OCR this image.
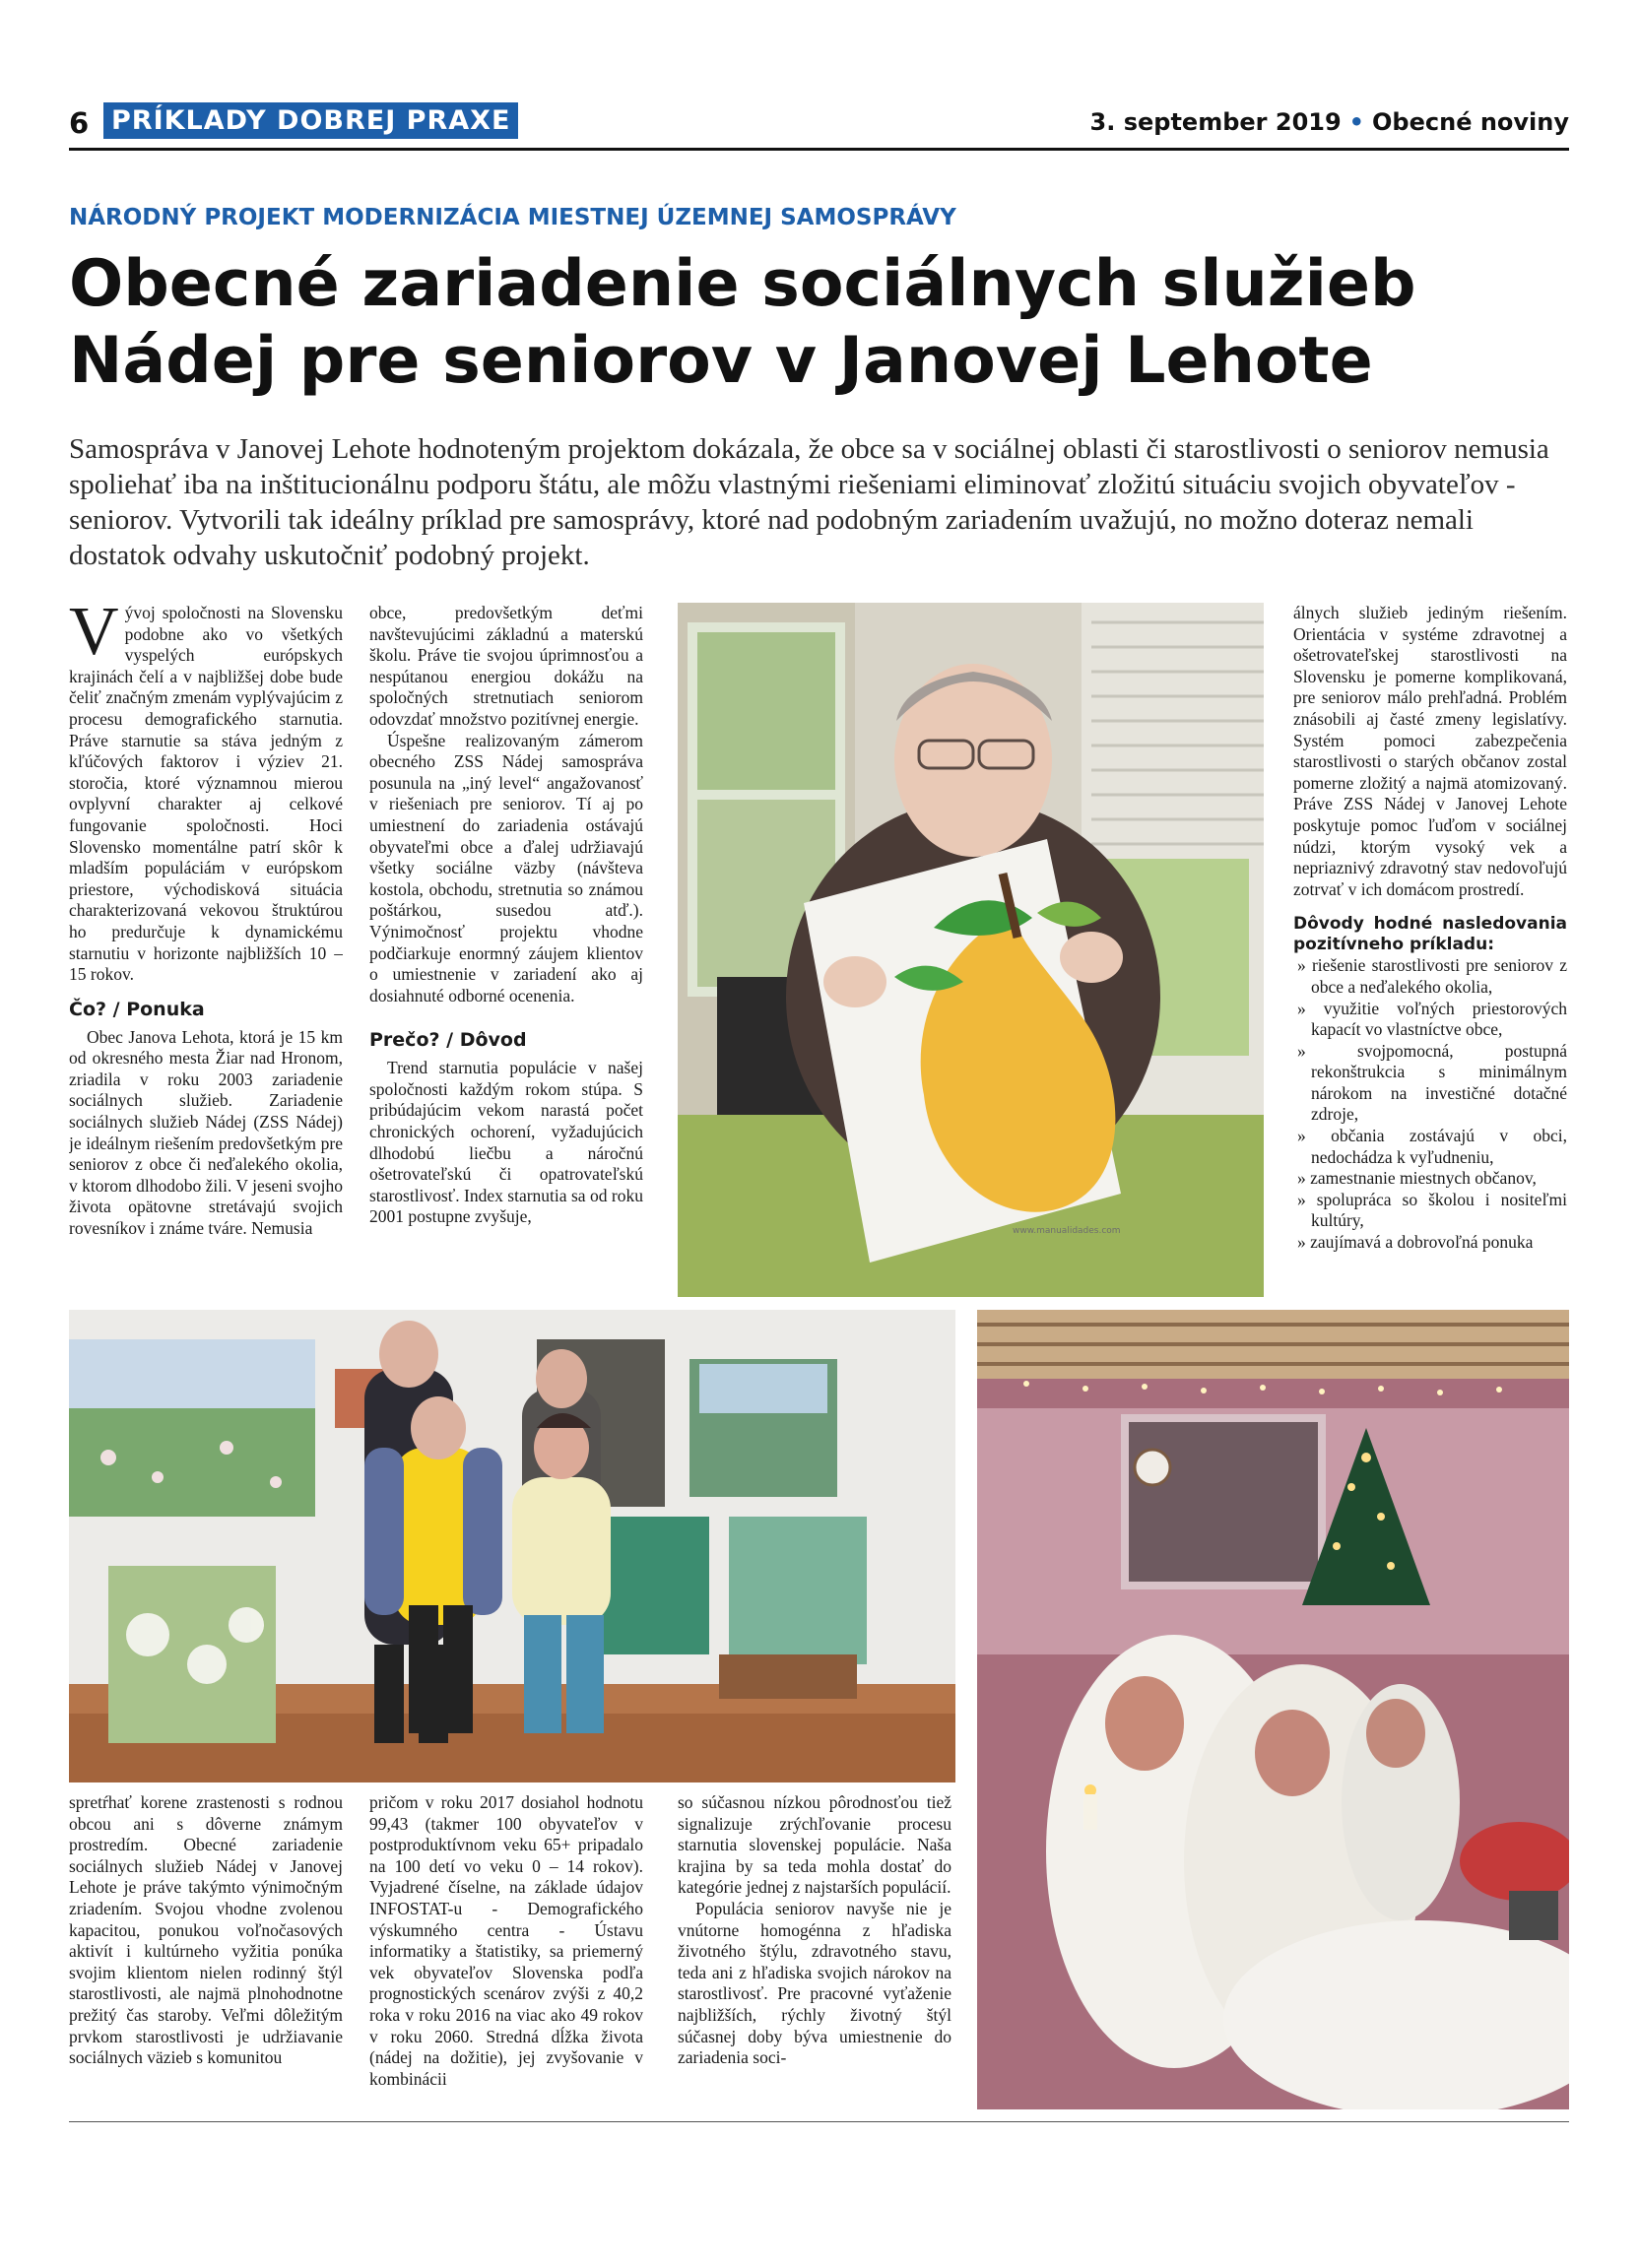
6 PRÍKLADY DOBREJ PRAXE	3. september 2019 • Obecné noviny
NÁRODNÝ PROJEKT MODERNIZÁCIA MIESTNEJ ÚZEMNEJ SAMOSPRÁVY
Obecné zariadenie sociálnych služieb Nádej pre seniorov v Janovej Lehote

Samospráva v Janovej Lehote hodnoteným projektom dokázala, že obce sa v sociálnej oblasti či starostlivosti o seniorov nemusia spoliehať iba na inštitucionálnu podporu štátu, ale môžu vlastnými riešeniami eliminovať zložitú situáciu svojich obyvateľov - seniorov. Vytvorili tak ideálny príklad pre samosprávy, ktoré nad podobným zariadením uvažujú, no možno doteraz nemali dostatok odvahy uskutočniť podobný projekt.

Vývoj spoločnosti na Slovensku podobne ako vo všetkých vyspelých európskych krajinách čelí a v najbližšej dobe bude čeliť značným zmenám vyplývajúcim z procesu demografického starnutia. Práve starnutie sa stáva jedným z kľúčových faktorov i výziev 21. storočia, ktoré významnou mierou ovplyvní charakter aj celkové fungovanie spoločnosti. Hoci Slovensko momentálne patrí skôr k mladším populáciám v európskom priestore, východisková situácia charakterizovaná vekovou štruktúrou ho predurčuje k dynamickému starnutiu v horizonte najbližších 10 – 15 rokov.

Čo? / Ponuka

Obec Janova Lehota, ktorá je 15 km od okresného mesta Žiar nad Hronom, zriadila v roku 2003 zariadenie sociálnych služieb. Zariadenie sociálnych služieb Nádej (ZSS Nádej) je ideálnym riešením predovšetkým pre seniorov z obce či neďalekého okolia, v ktorom dlhodobo žili. V jeseni svojho života opätovne stretávajú svojich rovesníkov i známe tváre. Nemusia

obce, predovšetkým deťmi navštevujúcimi základnú a materskú školu. Práve tie svojou úprimnosťou a nespútanou energiou dokážu na spoločných stretnutiach seniorom odovzdať množstvo pozitívnej energie.

Úspešne realizovaným zámerom obecného ZSS Nádej samospráva posunula na „iný level“ angažovanosť v riešeniach pre seniorov. Tí aj po umiestnení do zariadenia ostávajú obyvateľmi obce a ďalej udržiavajú všetky sociálne väzby (návšteva kostola, obchodu, stretnutia so známou poštárkou, susedou atď.). Výnimočnosť projektu vhodne podčiarkuje enormný záujem klientov o umiestnenie v zariadení ako aj dosiahnuté odborné ocenenia.

Prečo? / Dôvod

Trend starnutia populácie v našej spoločnosti každým rokom stúpa. S pribúdajúcim vekom narastá počet chronických ochorení, vyžadujúcich dlhodobú liečbu a náročnú ošetrovateľskú či opatrovateľskú starostlivosť. Index starnutia sa od roku 2001 postupne zvyšuje,

www.manualidades.com

álnych služieb jediným riešením. Orientácia v systéme zdravotnej a ošetrovateľskej starostlivosti na Slovensku je pomerne komplikovaná, pre seniorov málo prehľadná. Problém znásobili aj časté zmeny legislatívy. Systém pomoci zabezpečenia starostlivosti o starých občanov zostal pomerne zložitý a najmä atomizovaný. Práve ZSS Nádej v Janovej Lehote poskytuje pomoc ľuďom v sociálnej núdzi, ktorým vysoký vek a nepriaznivý zdravotný stav nedovoľujú zotrvať v ich domácom prostredí.

Dôvody hodné nasledovania pozitívneho príkladu:
» riešenie starostlivosti pre seniorov z obce a neďalekého okolia,
» využitie voľných priestorových kapacít vo vlastníctve obce,
» svojpomocná, postupná rekonštrukcia s minimálnym nárokom na investičné dotačné zdroje,
» občania zostávajú v obci, nedochádza k vyľudneniu,
» zamestnanie miestnych občanov,
» spolupráca so školou i nositeľmi kultúry,
» zaujímavá a dobrovoľná ponuka

spretŕhať korene zrastenosti s rodnou obcou ani s dôverne známym prostredím. Obecné zariadenie sociálnych služieb Nádej v Janovej Lehote je práve takýmto výnimočným zriadením. Svojou vhodne zvolenou kapacitou, ponukou voľnočasových aktivít i kultúrneho vyžitia ponúka svojim klientom nielen rodinný štýl starostlivosti, ale najmä plnohodnotne prežitý čas staroby. Veľmi dôležitým prvkom starostlivosti je udržiavanie sociálnych väzieb s komunitou

pričom v roku 2017 dosiahol hodnotu 99,43 (takmer 100 obyvateľov v postproduktívnom veku 65+ pripadalo na 100 detí vo veku 0 – 14 rokov). Vyjadrené číselne, na základe údajov INFOSTAT-u - Demografického výskumného centra - Ústavu informatiky a štatistiky, sa priemerný vek obyvateľov Slovenska podľa prognostických scenárov zvýši z 40,2 roka v roku 2016 na viac ako 49 rokov v roku 2060. Stredná dĺžka života (nádej na dožitie), jej zvyšovanie v kombinácii

so súčasnou nízkou pôrodnosťou tiež signalizuje zrýchľovanie procesu starnutia slovenskej populácie. Naša krajina by sa teda mohla dostať do kategórie jednej z najstarších populácií.

Populácia seniorov navyše nie je vnútorne homogénna z hľadiska životného štýlu, zdravotného stavu, teda ani z hľadiska svojich nárokov na starostlivosť. Pre pracovné vyťaženie najbližších, rýchly životný štýl súčasnej doby býva umiestnenie do zariadenia soci-
